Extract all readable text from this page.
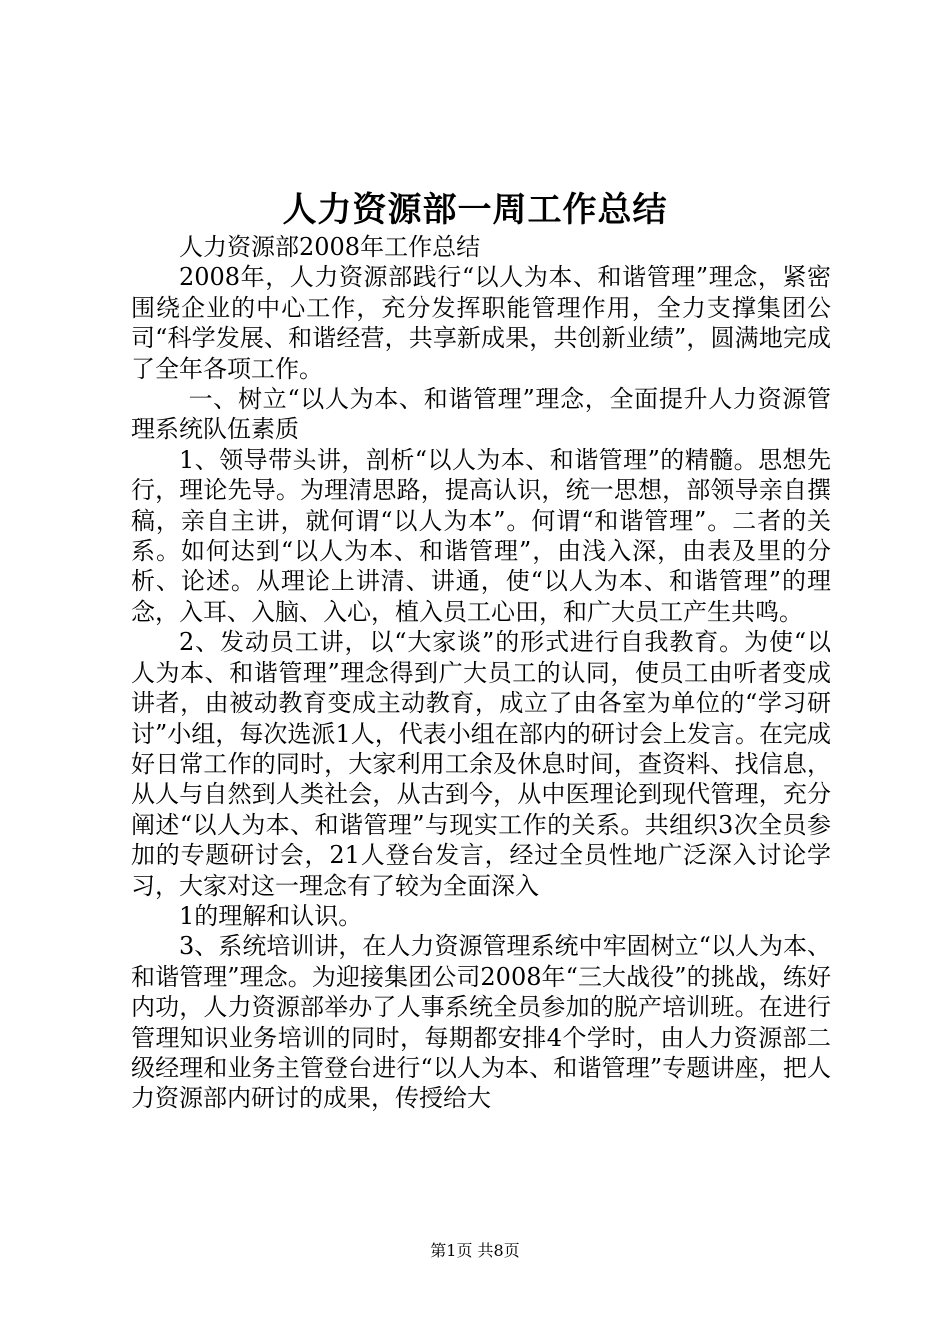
人力资源部一周工作总结

人力资源部2008年工作总结

2008年，人力资源部践行“以人为本、和谐管理”理念，紧密围绕企业的中心工作，充分发挥职能管理作用，全力支撑集团公司“科学发展、和谐经营，共享新成果，共创新业绩”，圆满地完成了全年各项工作。

一、树立“以人为本、和谐管理”理念，全面提升人力资源管理系统队伍素质

1、领导带头讲，剖析“以人为本、和谐管理”的精髓。思想先行，理论先导。为理清思路，提高认识，统一思想，部领导亲自撰稿，亲自主讲，就何谓“以人为本”。何谓“和谐管理”。二者的关系。如何达到“以人为本、和谐管理”，由浅入深，由表及里的分析、论述。从理论上讲清、讲通，使“以人为本、和谐管理”的理念，入耳、入脑、入心，植入员工心田，和广大员工产生共鸣。

2、发动员工讲，以“大家谈”的形式进行自我教育。为使“以人为本、和谐管理”理念得到广大员工的认同，使员工由听者变成讲者，由被动教育变成主动教育，成立了由各室为单位的“学习研讨”小组，每次选派1人，代表小组在部内的研讨会上发言。在完成好日常工作的同时，大家利用工余及休息时间，查资料、找信息，从人与自然到人类社会，从古到今，从中医理论到现代管理，充分阐述“以人为本、和谐管理”与现实工作的关系。共组织3次全员参加的专题研讨会，21人登台发言，经过全员性地广泛深入讨论学习，大家对这一理念有了较为全面深入

1的理解和认识。

3、系统培训讲，在人力资源管理系统中牢固树立“以人为本、和谐管理”理念。为迎接集团公司2008年“三大战役”的挑战，练好内功，人力资源部举办了人事系统全员参加的脱产培训班。在进行管理知识业务培训的同时，每期都安排4个学时，由人力资源部二级经理和业务主管登台进行“以人为本、和谐管理”专题讲座，把人力资源部内研讨的成果，传授给大

第1页 共8页
